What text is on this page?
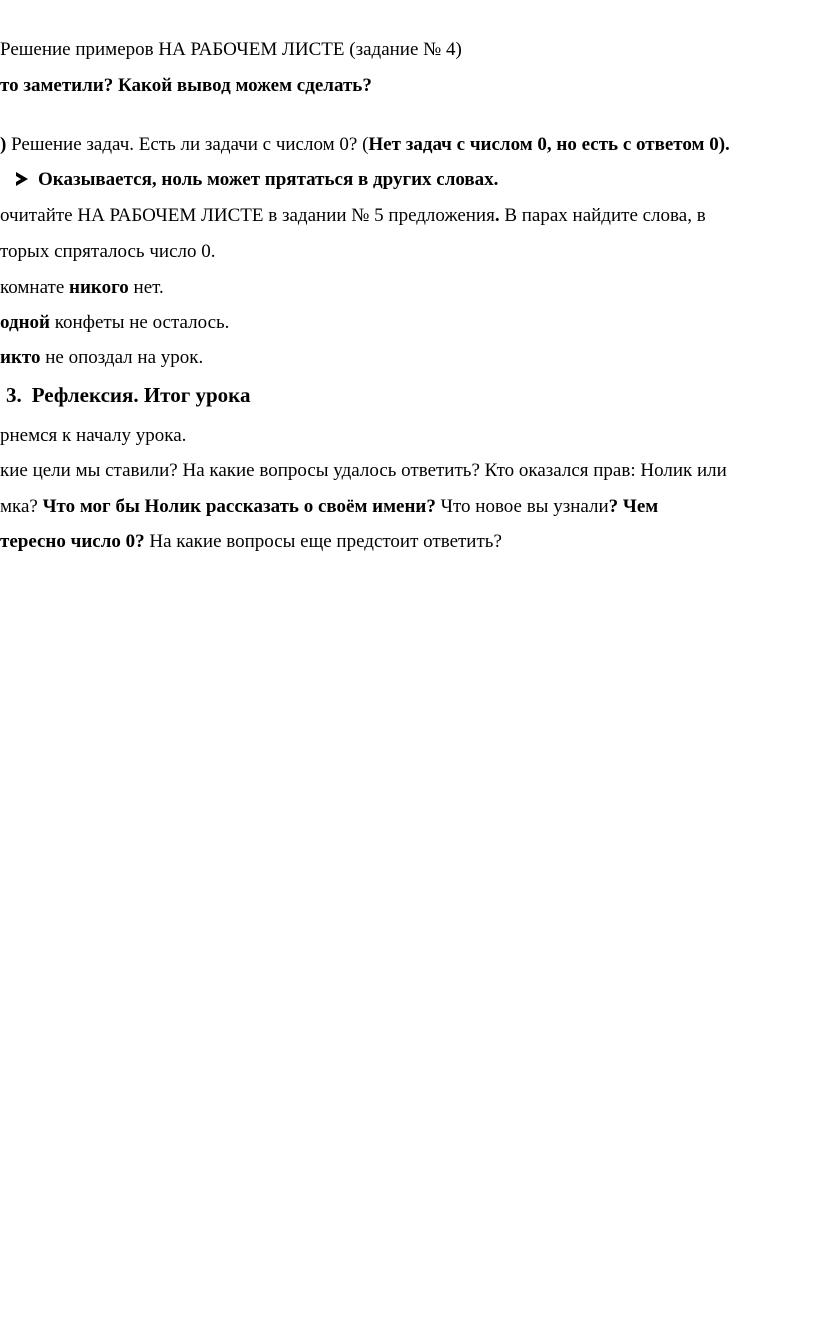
Решение примеров НА РАБОЧЕМ ЛИСТЕ (задание № 4)
то заметили? Какой вывод можем сделать?
) Решение задач. Есть ли задачи с числом 0? (Нет задач с числом 0, но есть с ответом 0).
Оказывается, ноль может прятаться в других словах.
очитайте НА РАБОЧЕМ ЛИСТЕ в задании № 5 предложения. В парах найдите слова, в
торых спряталось число 0.
комнате никого нет.
одной конфеты не осталось.
икто не опоздал на урок.
3. Рефлексия. Итог урока
рнемся к началу урока.
кие цели мы ставили? На какие вопросы удалось ответить? Кто оказался прав: Нолик или
мка? Что мог бы Нолик рассказать о своём имени? Что новое вы узнали? Чем
тересно число 0? На какие вопросы еще предстоит ответить?
